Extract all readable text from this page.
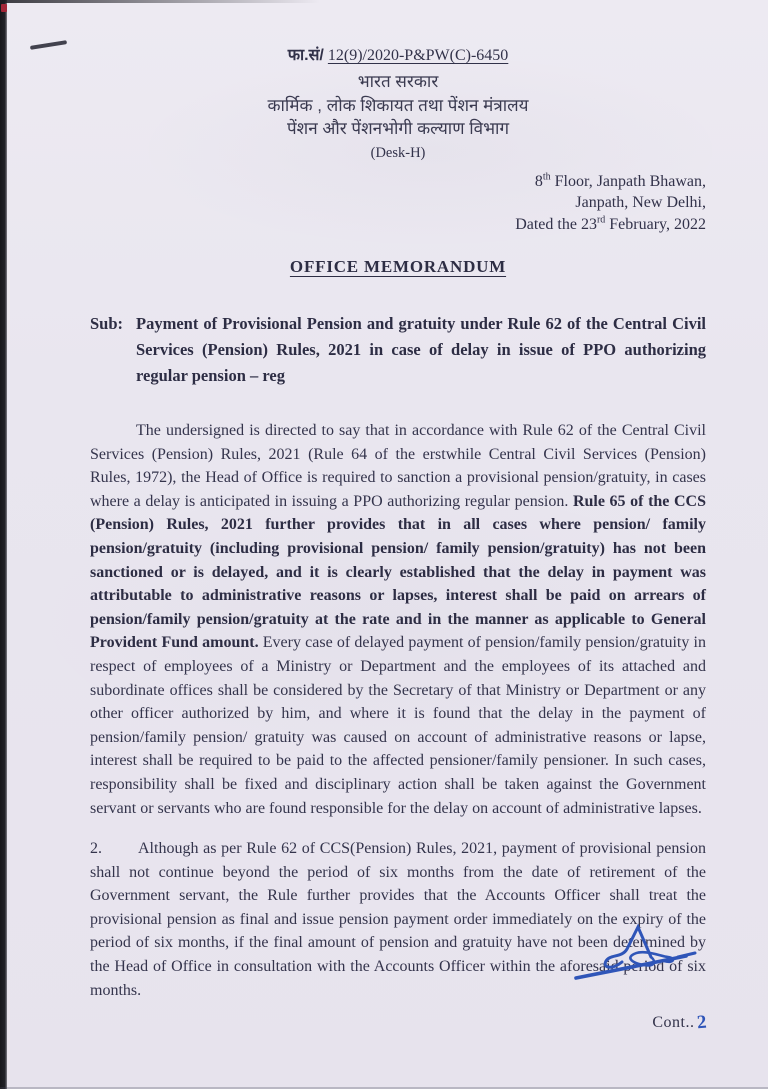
फा.सं/ 12(9)/2020-P&PW(C)-6450
भारत सरकार
कार्मिक , लोक शिकायत तथा पेंशन मंत्रालय
पेंशन और पेंशनभोगी कल्याण विभाग
(Desk-H)
8th Floor, Janpath Bhawan,
Janpath, New Delhi,
Dated the 23rd February, 2022
OFFICE MEMORANDUM
Sub: Payment of Provisional Pension and gratuity under Rule 62 of the Central Civil Services (Pension) Rules, 2021 in case of delay in issue of PPO authorizing regular pension – reg
The undersigned is directed to say that in accordance with Rule 62 of the Central Civil Services (Pension) Rules, 2021 (Rule 64 of the erstwhile Central Civil Services (Pension) Rules, 1972), the Head of Office is required to sanction a provisional pension/gratuity, in cases where a delay is anticipated in issuing a PPO authorizing regular pension. Rule 65 of the CCS (Pension) Rules, 2021 further provides that in all cases where pension/ family pension/gratuity (including provisional pension/ family pension/gratuity) has not been sanctioned or is delayed, and it is clearly established that the delay in payment was attributable to administrative reasons or lapses, interest shall be paid on arrears of pension/family pension/gratuity at the rate and in the manner as applicable to General Provident Fund amount. Every case of delayed payment of pension/family pension/gratuity in respect of employees of a Ministry or Department and the employees of its attached and subordinate offices shall be considered by the Secretary of that Ministry or Department or any other officer authorized by him, and where it is found that the delay in the payment of pension/family pension/ gratuity was caused on account of administrative reasons or lapse, interest shall be required to be paid to the affected pensioner/family pensioner. In such cases, responsibility shall be fixed and disciplinary action shall be taken against the Government servant or servants who are found responsible for the delay on account of administrative lapses.
2. Although as per Rule 62 of CCS(Pension) Rules, 2021, payment of provisional pension shall not continue beyond the period of six months from the date of retirement of the Government servant, the Rule further provides that the Accounts Officer shall treat the provisional pension as final and issue pension payment order immediately on the expiry of the period of six months, if the final amount of pension and gratuity have not been determined by the Head of Office in consultation with the Accounts Officer within the aforesaid period of six months.
Cont..2
